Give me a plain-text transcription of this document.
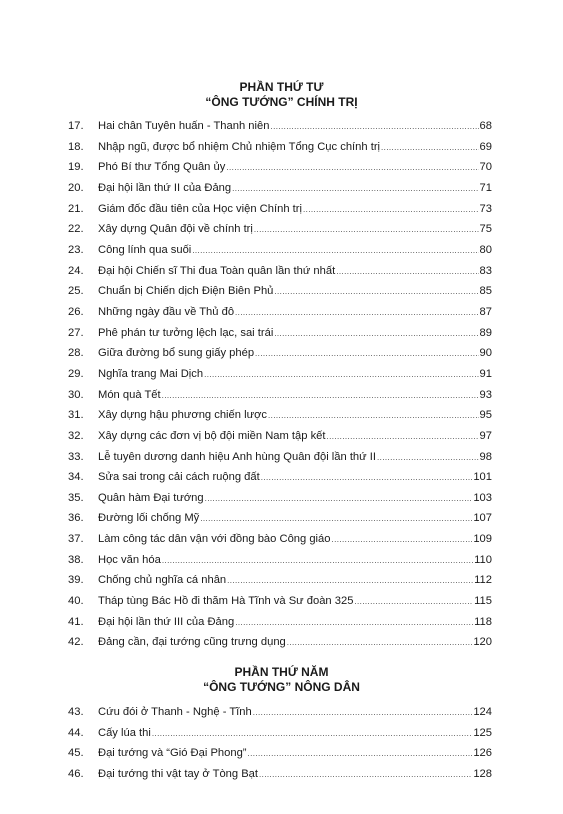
PHẦN THỨ TƯ
“ÔNG TƯỚNG” CHÍNH TRỊ
17.	Hai chân Tuyên huấn - Thanh niên .....	68
18.	Nhập ngũ, được bổ nhiệm Chủ nhiệm Tổng Cục chính trị .....	69
19.	Phó Bí thư Tổng Quân ủy .....	70
20.	Đại hội lần thứ II của Đảng .....	71
21.	Giám đốc đầu tiên của Học viện Chính trị .....	73
22.	Xây dựng Quân đội về chính trị .....	75
23.	Công lính qua suối .....	80
24.	Đại hội Chiến sĩ Thi đua Toàn quân lần thứ nhất .....	83
25.	Chuẩn bị Chiến dịch Điện Biên Phủ .....	85
26.	Những ngày đầu về Thủ đô .....	87
27.	Phê phán tư tưởng lệch lạc, sai trái .....	89
28.	Giữa đường bổ sung giấy phép .....	90
29.	Nghĩa trang Mai Dịch .....	91
30.	Món quà Tết .....	93
31.	Xây dựng hậu phương chiến lược .....	95
32.	Xây dựng các đơn vị bộ đội miền Nam tập kết .....	97
33.	Lễ tuyên dương danh hiệu Anh hùng Quân đội lần thứ II .....	98
34.	Sửa sai trong cải cách ruộng đất .....	101
35.	Quân hàm Đại tướng .....	103
36.	Đường lối chống Mỹ .....	107
37.	Làm công tác dân vận với đồng bào Công giáo .....	109
38.	Học văn hóa .....	110
39.	Chống chủ nghĩa cá nhân .....	112
40.	Tháp tùng Bác Hồ đi thăm Hà Tĩnh và Sư đoàn 325 .....	115
41.	Đại hội lần thứ III của Đảng .....	118
42.	Đảng cần, đại tướng cũng trưng dụng .....	120
PHẦN THỨ NĂM
“ÔNG TƯỚNG” NÔNG DÂN
43.	Cứu đói ở Thanh - Nghệ - Tĩnh .....	124
44.	Cấy lúa thi .....	125
45.	Đại tướng và “Gió Đại Phong” .....	126
46.	Đại tướng thi vật tay ở Tòng Bạt .....	128
